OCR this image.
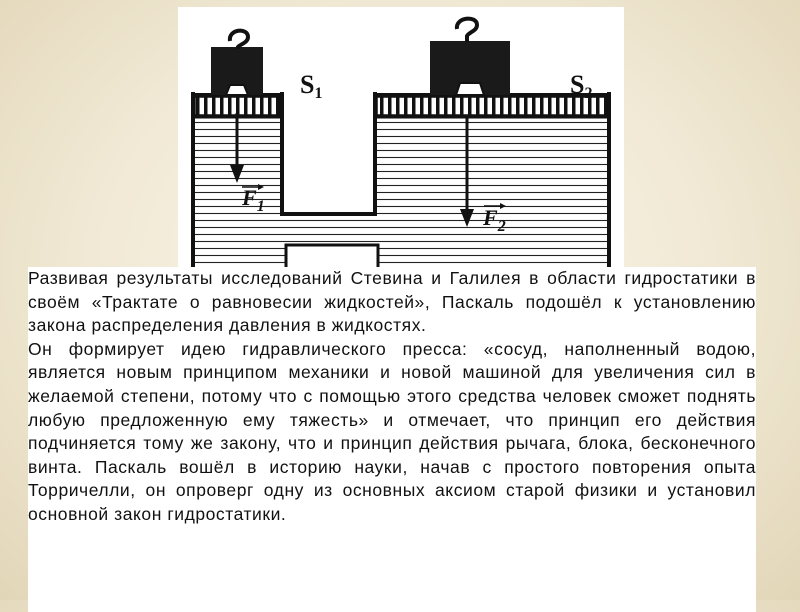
S1	S2
$F_1$	$F_2$

Развивая результаты исследований Стевина и Галилея в области гидростатики в своём «Трактате о равновесии жидкостей», Паскаль подошёл к установлению закона распределения давления в жидкостях.

Он формирует идею гидравлического пресса: «сосуд, наполненный водою, является новым принципом механики и новой машиной для увеличения сил в желаемой степени, потому что с помощью этого средства человек сможет поднять любую предложенную ему тяжесть» и отмечает, что принцип его действия подчиняется тому же закону, что и принцип действия рычага, блока, бесконечного винта. Паскаль вошёл в историю науки, начав с простого повторения опыта Торричелли, он опроверг одну из основных аксиом старой физики и установил основной закон гидростатики.
